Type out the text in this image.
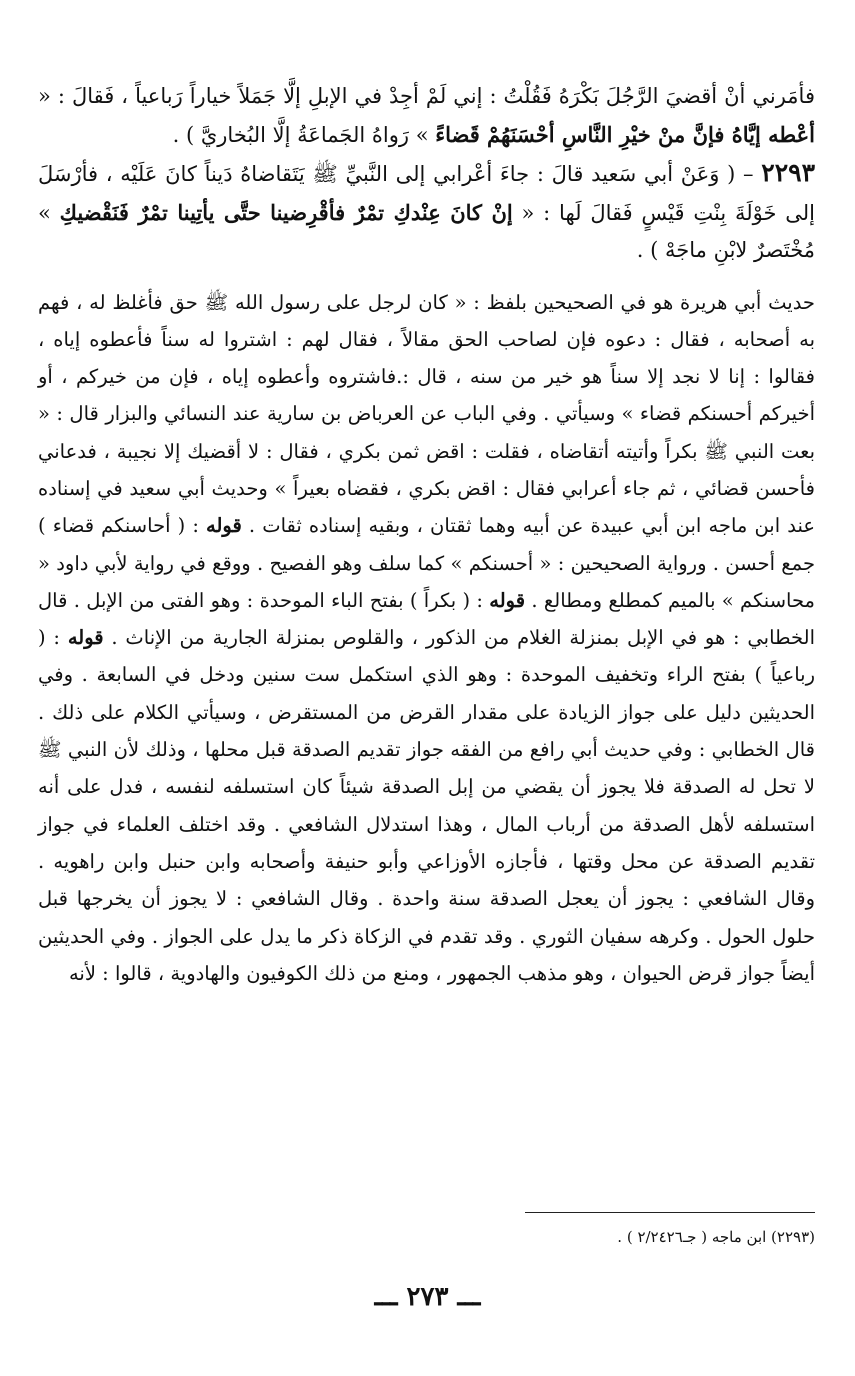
فأمَرني أنْ أقضيَ الرَّجُلَ بَكْرَهُ فَقُلْتُ : إني لَمْ أجِدْ في الإبلِ إلَّا جَمَلاً خياراً رَباعياً ، فَقالَ : « أعْطه إيَّاهُ فإنَّ منْ خيْرِ النَّاسِ أحْسَنَهُمْ قَضاءً » رَواهُ الجَماعَةُ إلَّا البُخاريَّ ) .

٢٢٩٣ – ( وَعَنْ أبي سَعيد قالَ : جاءَ أعْرابي إلى النَّبيِّ ﷺ يَتَقاضاهُ دَيناً كانَ عَلَيْه ، فأرْسَلَ إلى خَوْلَةَ بِنْتِ قَيْسٍ فَقالَ لَها : « إنْ كانَ عِنْدكِ تمْرٌ فأقْرِضينا حتَّى يأتِينا تمْرٌ فَنَقْضيكِ » مُخْتَصرٌ لابْنِ ماجَهْ ) .

حديث أبي هريرة هو في الصحيحين بلفظ : « كان لرجل على رسول الله ﷺ حق فأغلظ له ، فهم به أصحابه ، فقال : دعوه فإن لصاحب الحق مقالاً ، فقال لهم : اشتروا له سناً فأعطوه إياه ، فقالوا : إنا لا نجد إلا سناً هو خير من سنه ، قال :.فاشتروه وأعطوه إياه ، فإن من خيركم ، أو أخيركم أحسنكم قضاء » وسيأتي . وفي الباب عن العرباض بن سارية عند النسائي والبزار قال : « بعت النبي ﷺ بكراً وأتيته أتقاضاه ، فقلت : اقض ثمن بكري ، فقال : لا أقضيك إلا نجيبة ، فدعاني فأحسن قضائي ، ثم جاء أعرابي فقال : اقض بكري ، فقضاه بعيراً » وحديث أبي سعيد في إسناده عند ابن ماجه ابن أبي عبيدة عن أبيه وهما ثقتان ، وبقيه إسناده ثقات . قوله : ( أحاسنكم قضاء ) جمع أحسن . ورواية الصحيحين : « أحسنكم » كما سلف وهو الفصيح . ووقع في رواية لأبي داود « محاسنكم » بالميم كمطلع ومطالع . قوله : ( بكراً ) بفتح الباء الموحدة : وهو الفتى من الإبل . قال الخطابي : هو في الإبل بمنزلة الغلام من الذكور ، والقلوص بمنزلة الجارية من الإناث . قوله : ( رباعياً ) بفتح الراء وتخفيف الموحدة : وهو الذي استكمل ست سنين ودخل في السابعة . وفي الحديثين دليل على جواز الزيادة على مقدار القرض من المستقرض ، وسيأتي الكلام على ذلك . قال الخطابي : وفي حديث أبي رافع من الفقه جواز تقديم الصدقة قبل محلها ، وذلك لأن النبي ﷺ لا تحل له الصدقة فلا يجوز أن يقضي من إبل الصدقة شيئاً كان استسلفه لنفسه ، فدل على أنه استسلفه لأهل الصدقة من أرباب المال ، وهذا استدلال الشافعي . وقد اختلف العلماء في جواز تقديم الصدقة عن محل وقتها ، فأجازه الأوزاعي وأبو حنيفة وأصحابه وابن حنبل وابن راهويه . وقال الشافعي : يجوز أن يعجل الصدقة سنة واحدة . وقال الشافعي : لا يجوز أن يخرجها قبل حلول الحول . وكرهه سفيان الثوري . وقد تقدم في الزكاة ذكر ما يدل على الجواز . وفي الحديثين أيضاً جواز قرض الحيوان ، وهو مذهب الجمهور ، ومنع من ذلك الكوفيون والهادوية ، قالوا : لأنه

(٢٢٩٣) ابن ماجه ( جـ٢/٢٤٢٦ ) .
ـــ ٢٧٣ ـــ
